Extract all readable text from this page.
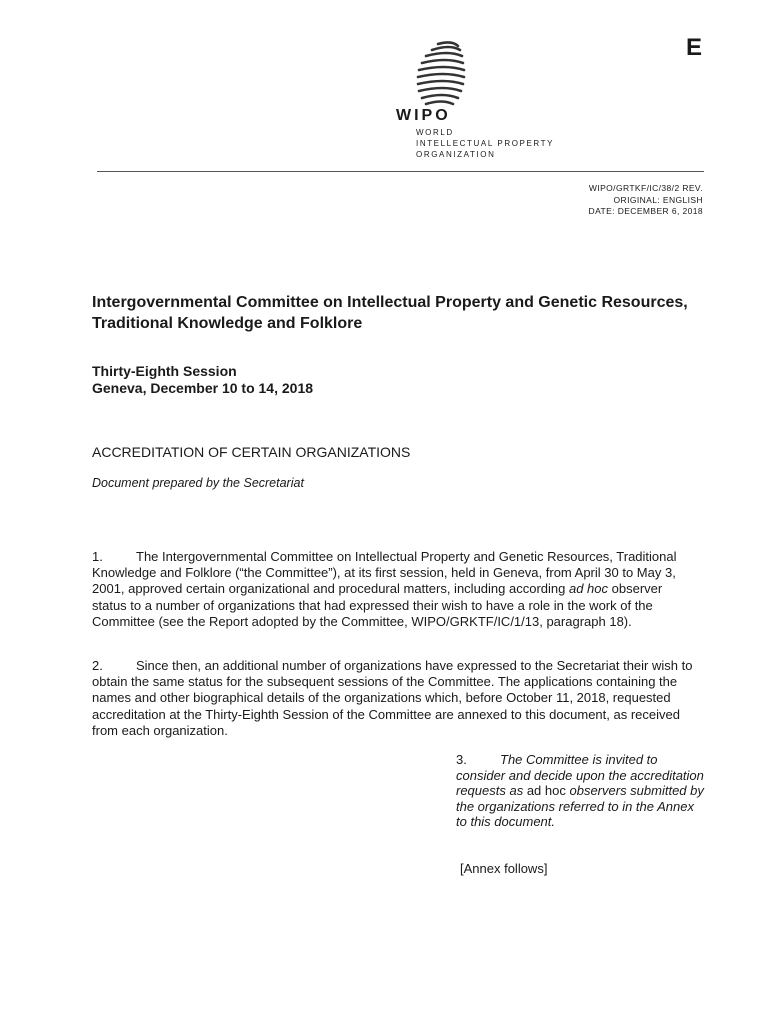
E
WIPO
WORLD
INTELLECTUAL PROPERTY
ORGANIZATION
WIPO/GRTKF/IC/38/2 REV.
ORIGINAL: ENGLISH
DATE: DECEMBER 6, 2018
Intergovernmental Committee on Intellectual Property and Genetic Resources, Traditional Knowledge and Folklore
Thirty-Eighth Session
Geneva, December 10 to 14, 2018
ACCREDITATION OF CERTAIN ORGANIZATIONS
Document prepared by the Secretariat
1.	The Intergovernmental Committee on Intellectual Property and Genetic Resources, Traditional Knowledge and Folklore (“the Committee”), at its first session, held in Geneva, from April 30 to May 3, 2001, approved certain organizational and procedural matters, including according ad hoc observer status to a number of organizations that had expressed their wish to have a role in the work of the Committee (see the Report adopted by the Committee, WIPO/GRKTF/IC/1/13, paragraph 18).
2.	Since then, an additional number of organizations have expressed to the Secretariat their wish to obtain the same status for the subsequent sessions of the Committee. The applications containing the names and other biographical details of the organizations which, before October 11, 2018, requested accreditation at the Thirty-Eighth Session of the Committee are annexed to this document, as received from each organization.
3.	The Committee is invited to consider and decide upon the accreditation requests as ad hoc observers submitted by the organizations referred to in the Annex to this document.
[Annex follows]
